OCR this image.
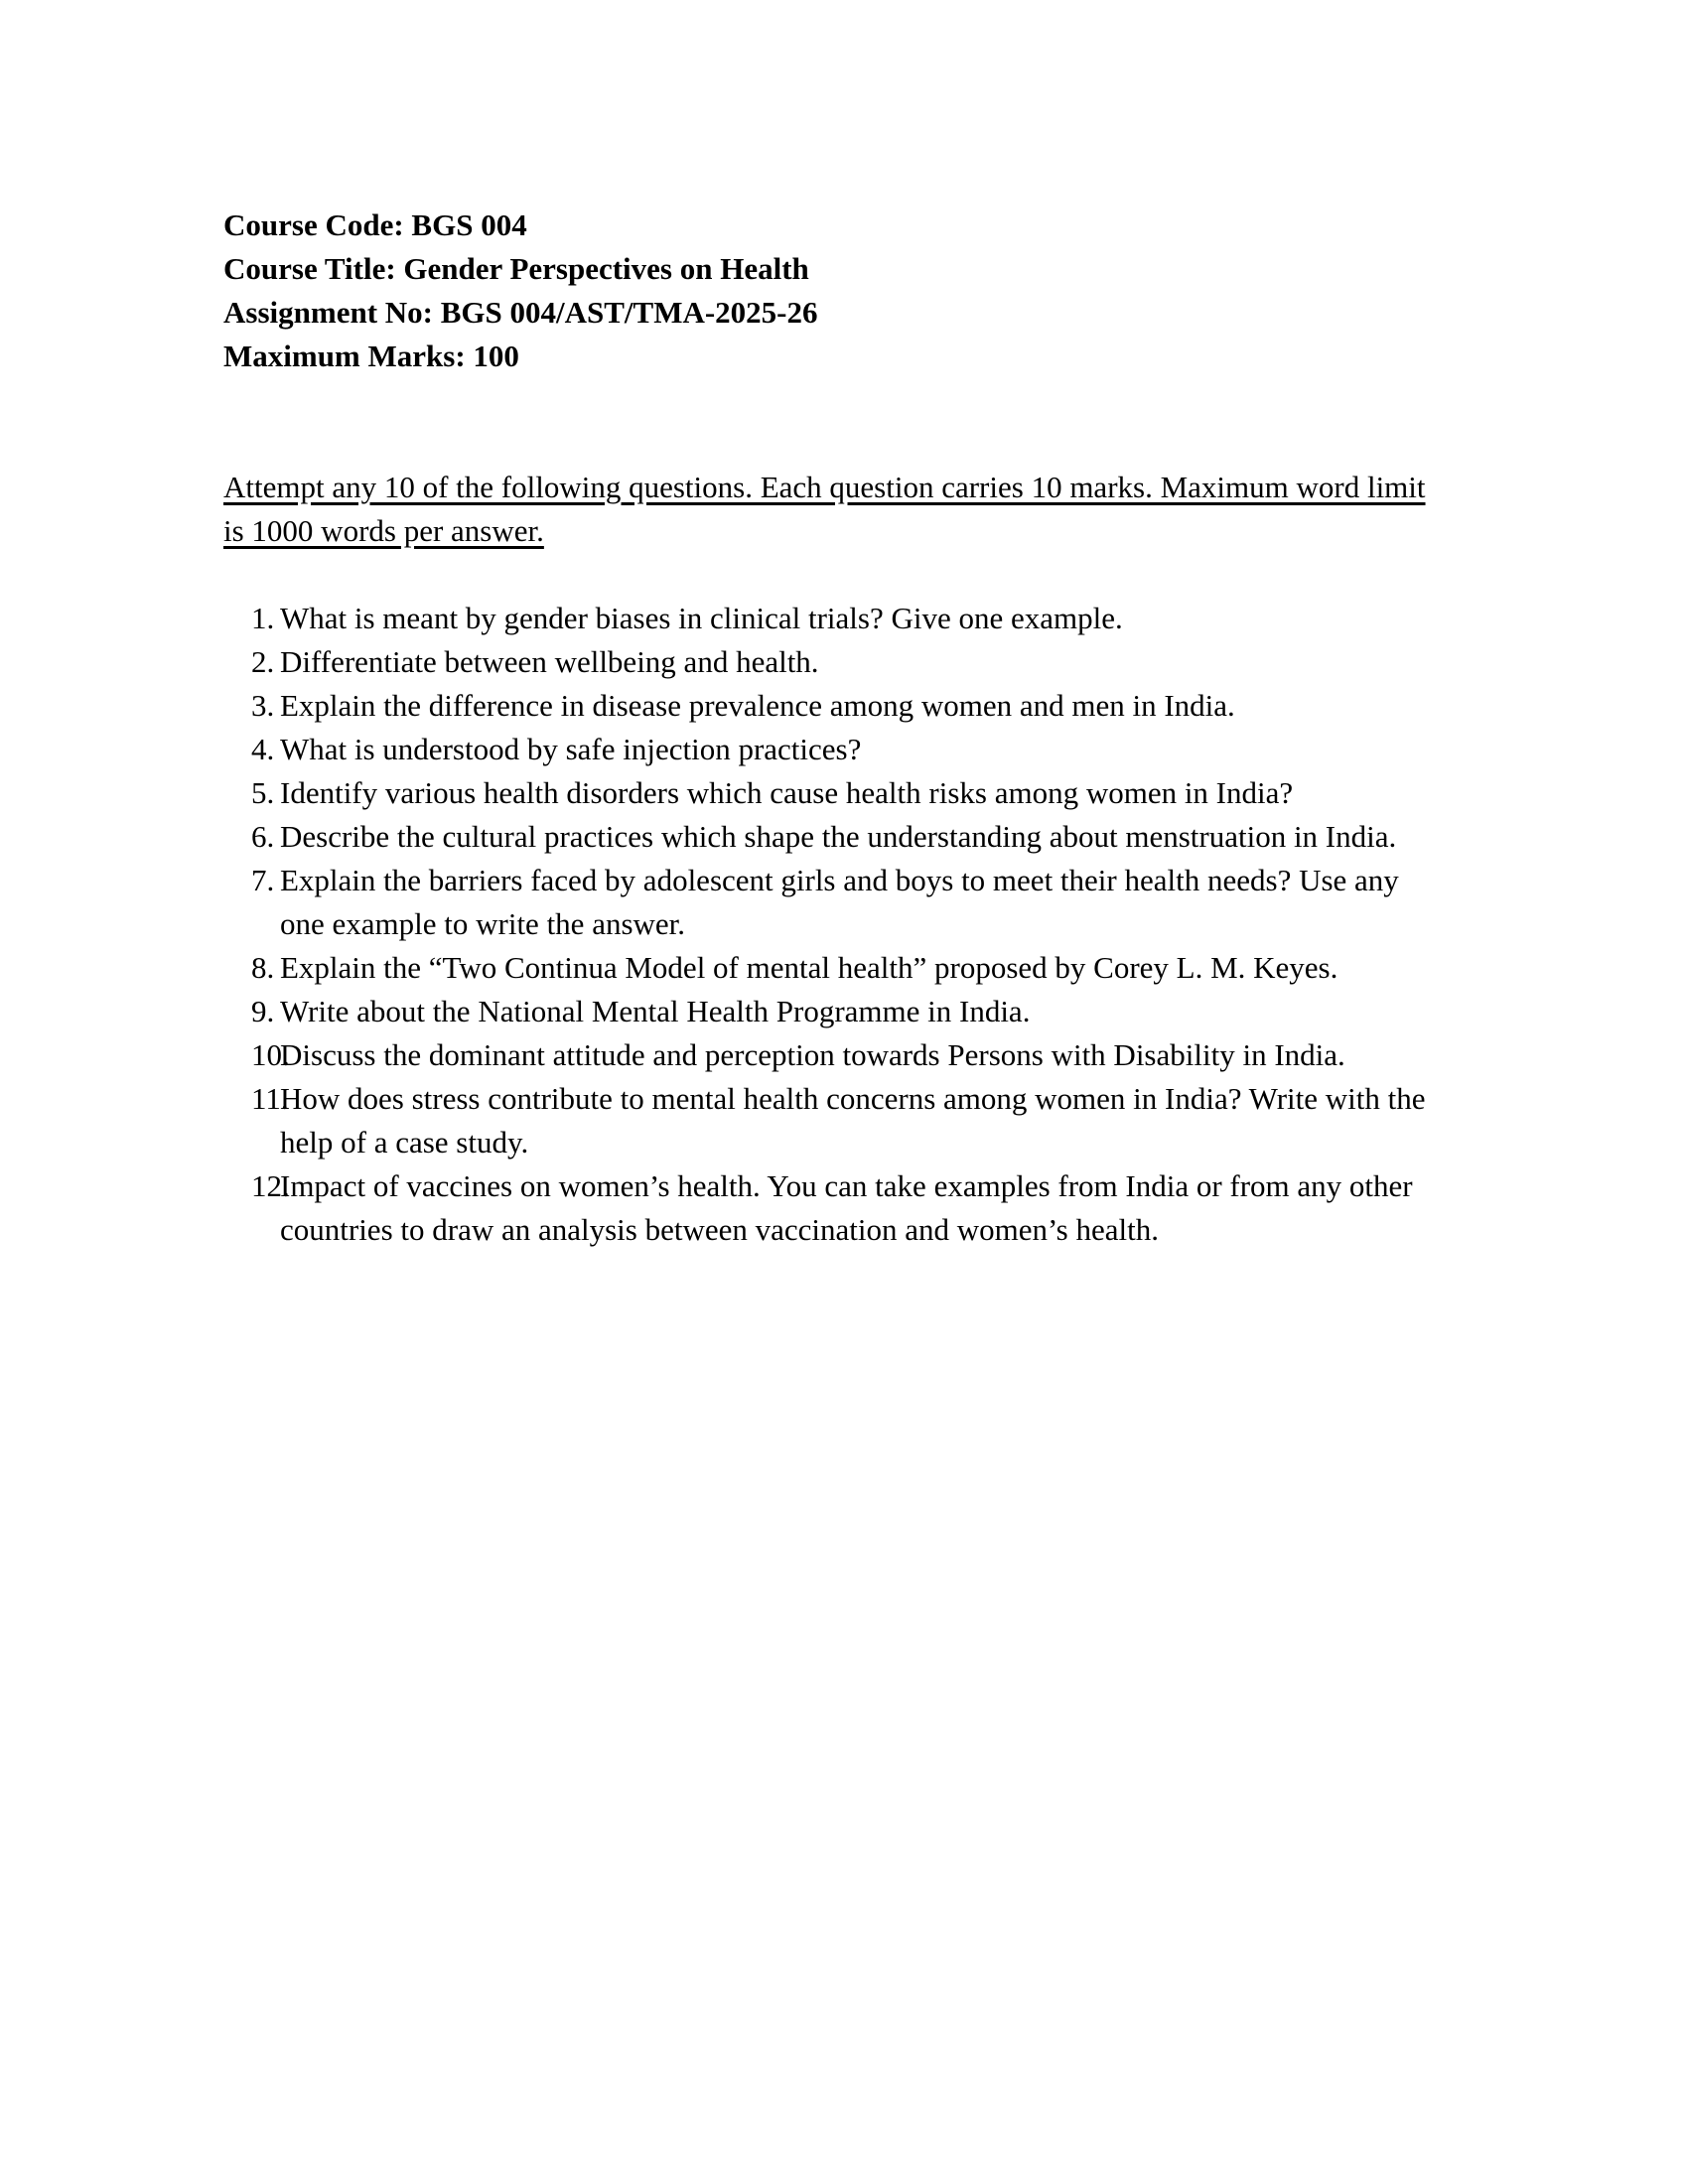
Course Code: BGS 004

Course Title: Gender Perspectives on Health

Assignment No: BGS 004/AST/TMA-2025-26

Maximum Marks: 100

Attempt any 10 of the following questions. Each question carries 10 marks. Maximum word limit is 1000 words per answer.

1. What is meant by gender biases in clinical trials? Give one example.
2. Differentiate between wellbeing and health.
3. Explain the difference in disease prevalence among women and men in India.
4. What is understood by safe injection practices?
5. Identify various health disorders which cause health risks among women in India?
6. Describe the cultural practices which shape the understanding about menstruation in India.
7. Explain the barriers faced by adolescent girls and boys to meet their health needs? Use any one example to write the answer.
8. Explain the “Two Continua Model of mental health” proposed by Corey L. M. Keyes.
9. Write about the National Mental Health Programme in India.
10.
Discuss the dominant attitude and perception towards Persons with Disability in India.
11.
How does stress contribute to mental health concerns among women in India? Write with the help of a case study.
12.
Impact of vaccines on women’s health. You can take examples from India or from any other countries to draw an analysis between vaccination and women’s health.
